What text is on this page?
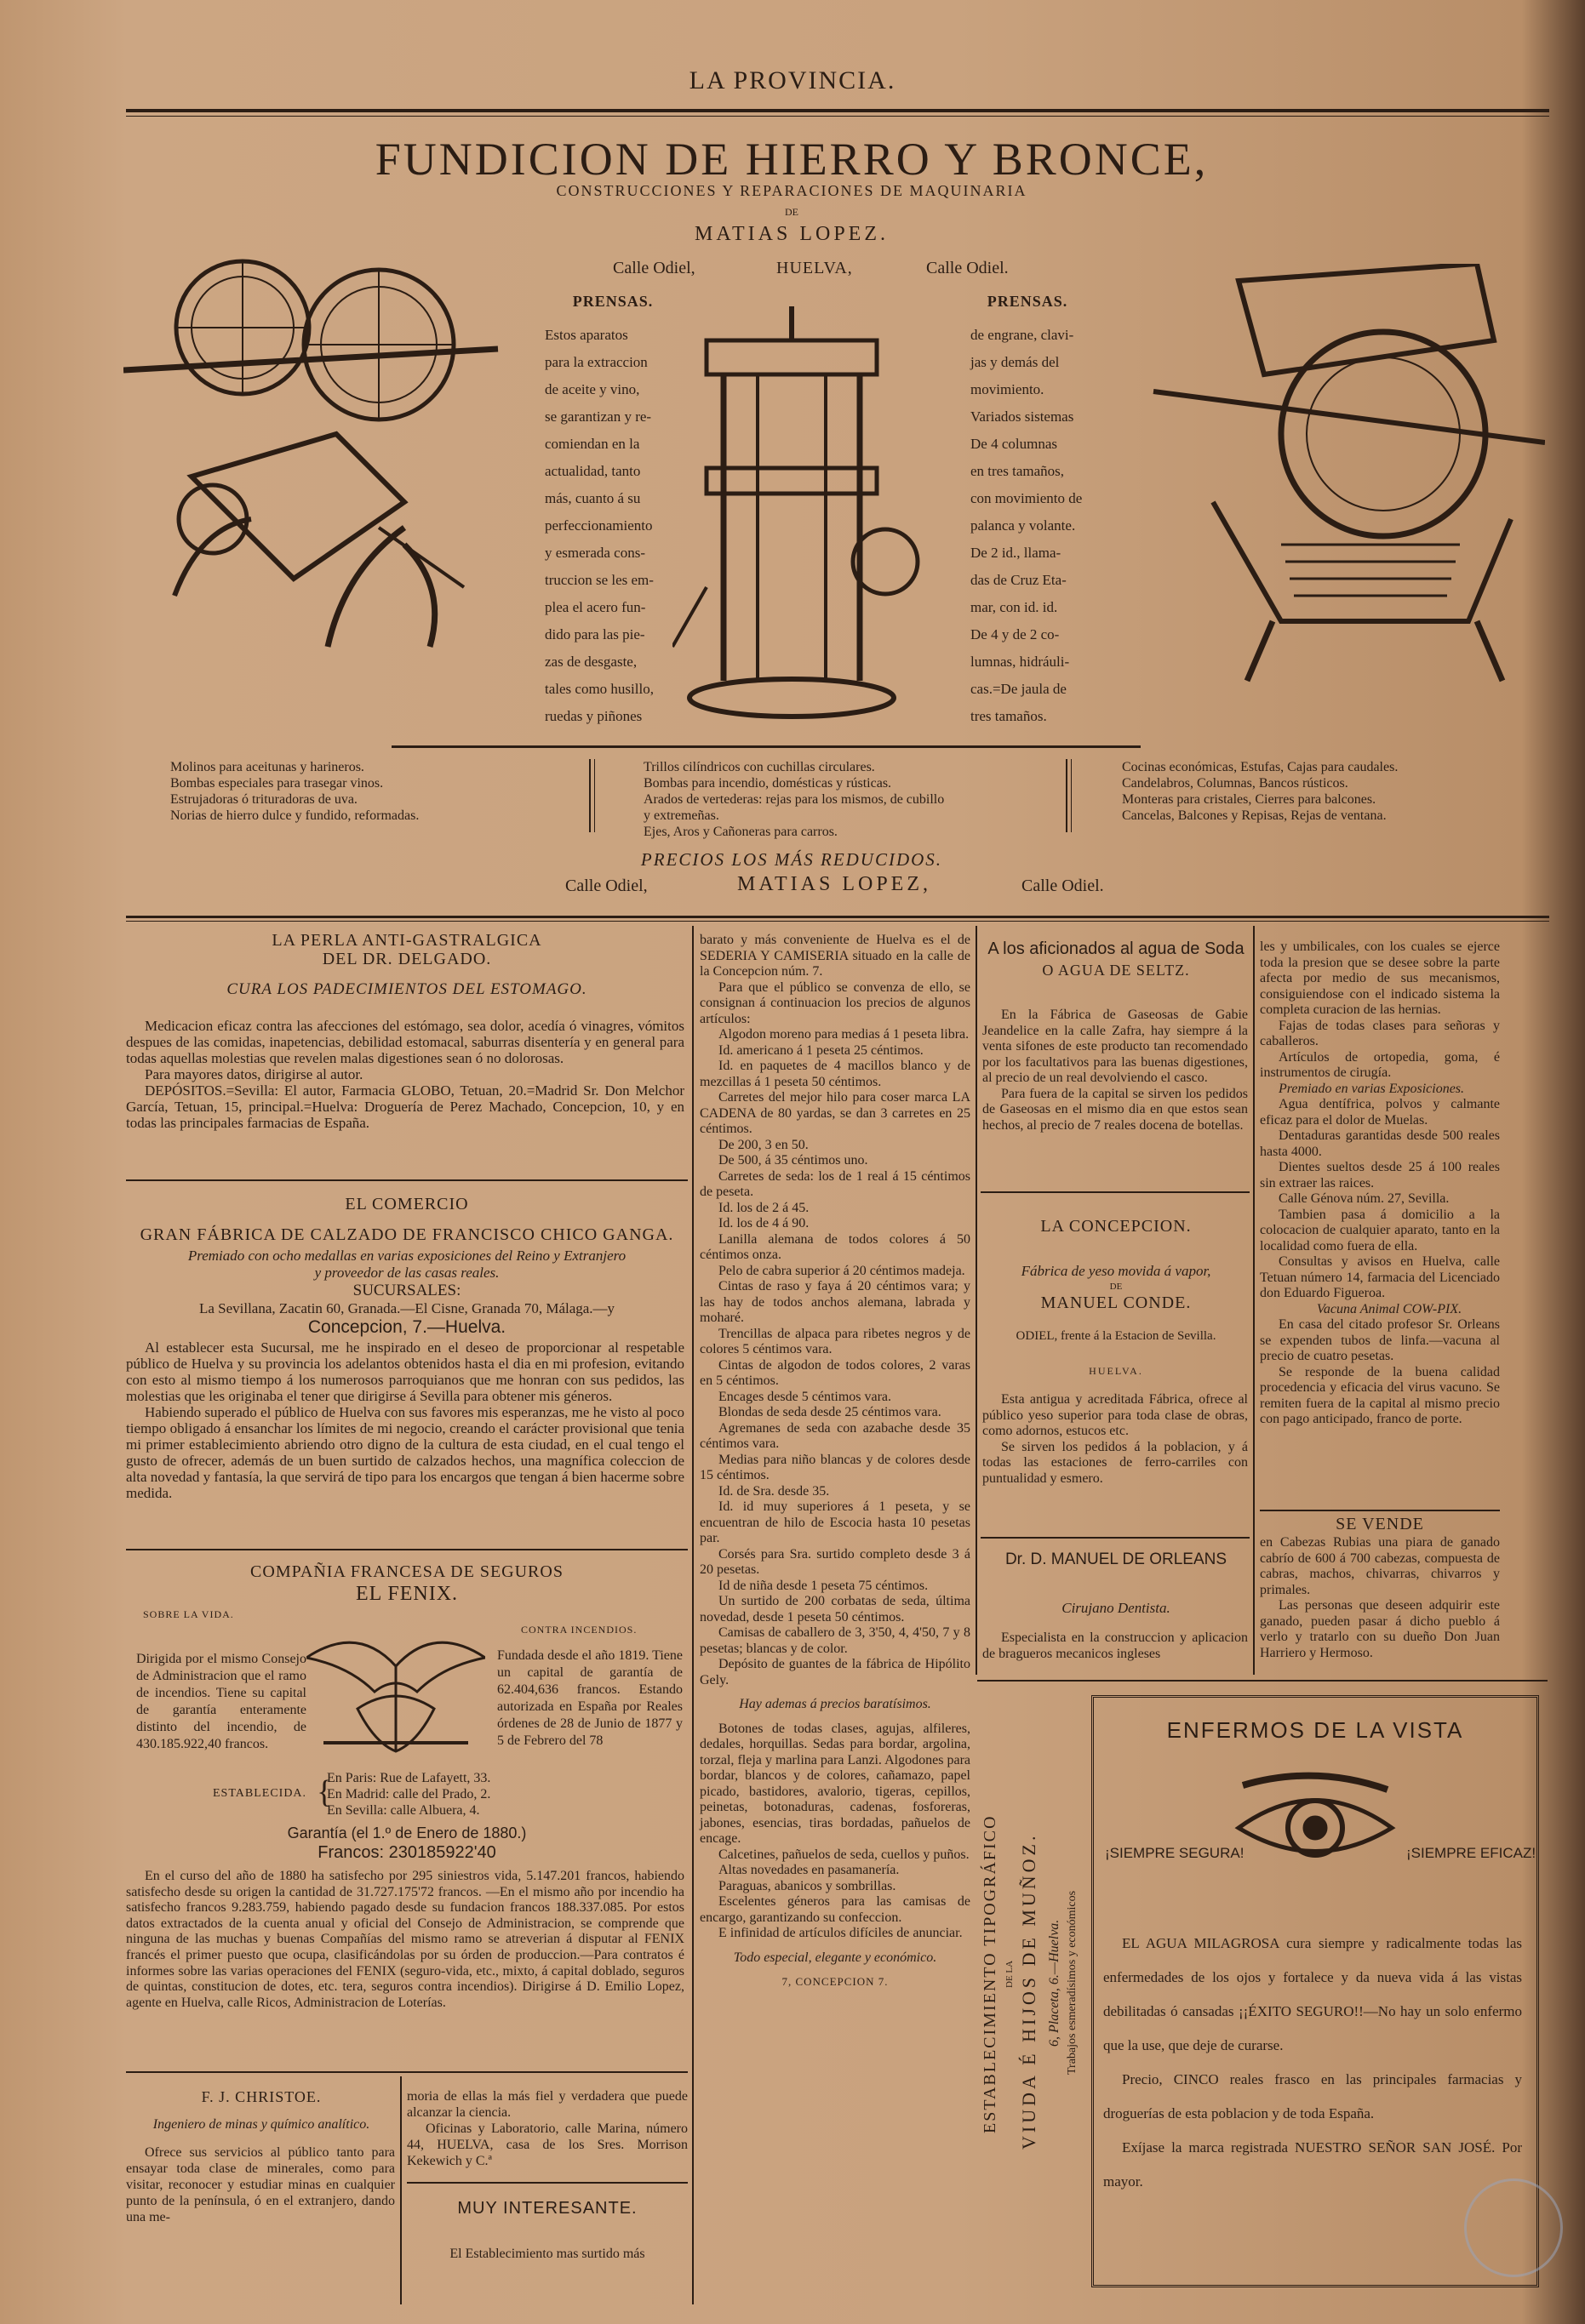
LA PROVINCIA.
FUNDICION DE HIERRO Y BRONCE,
CONSTRUCCIONES Y REPARACIONES DE MAQUINARIA
DE
MATIAS LOPEZ.
Calle Odiel,	HUELVA,	Calle Odiel.
PRENSAS.
Estos aparatos
para la extraccion
de aceite y vino,
se garantizan y re-
comiendan en la
actualidad, tanto
más, cuanto á su
perfeccionamiento
y esmerada cons-
truccion se les em-
plea el acero fun-
dido para las pie-
zas de desgaste,
tales como husillo,
ruedas y piñones
PRENSAS.
de engrane, clavi-
jas y demás del
movimiento.
Variados sistemas
De 4 columnas
en tres tamaños,
con movimiento de
palanca y volante.
De 2 id., llama-
das de Cruz Eta-
mar, con id. id.
De 4 y de 2 co-
lumnas, hidráuli-
cas.=De jaula de
tres tamaños.
Molinos para aceitunas y harineros.
Bombas especiales para trasegar vinos.
Estrujadoras ó trituradoras de uva.
Norias de hierro dulce y fundido, reformadas.
Trillos cilíndricos con cuchillas circulares.
Bombas para incendio, domésticas y rústicas.
Arados de vertederas: rejas para los mismos, de cubillo
y extremeñas.
Ejes, Aros y Cañoneras para carros.
Cocinas económicas, Estufas, Cajas para caudales.
Candelabros, Columnas, Bancos rústicos.
Monteras para cristales, Cierres para balcones.
Cancelas, Balcones y Repisas, Rejas de ventana.
PRECIOS LOS MÁS REDUCIDOS.
Calle Odiel,	MATIAS LOPEZ,	Calle Odiel.
LA PERLA ANTI-GASTRALGICA
DEL DR. DELGADO.
CURA LOS PADECIMIENTOS DEL ESTOMAGO.

Medicacion eficaz contra las afecciones del estómago, sea dolor, acedía ó vinagres, vómitos despues de las comidas, inapetencias, debilidad estomacal, saburras disentería y en general para todas aquellas molestias que revelen malas digestiones sean ó no dolorosas.

Para mayores datos, dirigirse al autor.

DEPÓSITOS.=Sevilla: El autor, Farmacia GLOBO, Tetuan, 20.=Madrid Sr. Don Melchor García, Tetuan, 15, principal.=Huelva: Droguería de Perez Machado, Concepcion, 10, y en todas las principales farmacias de España.

EL COMERCIO
GRAN FÁBRICA DE CALZADO DE FRANCISCO CHICO GANGA.
Premiado con ocho medallas en varias exposiciones del Reino y Extranjero
y proveedor de las casas reales.
SUCURSALES:
La Sevillana, Zacatin 60, Granada.—El Cisne, Granada 70, Málaga.—y
Concepcion, 7.—Huelva.

Al establecer esta Sucursal, me he inspirado en el deseo de proporcionar al respetable público de Huelva y su provincia los adelantos obtenidos hasta el dia en mi profesion, evitando con esto al mismo tiempo á los numerosos parroquianos que me honran con sus pedidos, las molestias que les originaba el tener que dirigirse á Sevilla para obtener mis géneros.

Habiendo superado el público de Huelva con sus favores mis esperanzas, me he visto al poco tiempo obligado á ensanchar los límites de mi negocio, creando el carácter provisional que tenia mi primer establecimiento abriendo otro digno de la cultura de esta ciudad, en el cual tengo el gusto de ofrecer, además de un buen surtido de calzados hechos, una magnífica coleccion de alta novedad y fantasía, la que servirá de tipo para los encargos que tengan á bien hacerme sobre medida.

COMPAÑIA FRANCESA DE SEGUROS
EL FENIX.
SOBRE LA VIDA.
CONTRA INCENDIOS.

Dirigida por el mismo Consejo de Administracion que el ramo de incendios. Tiene su capital de garantía enteramente distinto del incendio, de 430.185.922,40 francos.

Fundada desde el año 1819. Tiene un capital de garantía de 62.404,636 francos. Estando autorizada en España por Reales órdenes de 28 de Junio de 1877 y 5 de Febrero del 78

ESTABLECIDA. {
En Paris: Rue de Lafayett, 33.
En Madrid: calle del Prado, 2.
En Sevilla: calle Albuera, 4.
Garantía (el 1.º de Enero de 1880.)
Francos: 230185922'40

En el curso del año de 1880 ha satisfecho por 295 siniestros vida, 5.147.201 francos, habiendo satisfecho desde su origen la cantidad de 31.727.175'72 francos. —En el mismo año por incendio ha satisfecho francos 9.283.759, habiendo pagado desde su fundacion francos 188.337.085. Por estos datos extractados de la cuenta anual y oficial del Consejo de Administracion, se comprende que ninguna de las muchas y buenas Compañías del mismo ramo se atreverian á disputar al FENIX francés el primer puesto que ocupa, clasificándolas por su órden de produccion.—Para contratos é informes sobre las varias operaciones del FENIX (seguro-vida, etc., mixto, á capital doblado, seguros de quintas, constitucion de dotes, etc. tera, seguros contra incendios). Dirigirse á D. Emilio Lopez, agente en Huelva, calle Ricos, Administracion de Loterías.

F. J. CHRISTOE.
Ingeniero de minas y químico analítico.

Ofrece sus servicios al público tanto para ensayar toda clase de minerales, como para visitar, reconocer y estudiar minas en cualquier punto de la península, ó en el extranjero, dando una me-

moria de ellas la más fiel y verdadera que puede alcanzar la ciencia.

Oficinas y Laboratorio, calle Marina, número 44, HUELVA, casa de los Sres. Morrison Kekewich y C.ª

MUY INTERESANTE.
El Establecimiento mas surtido más

barato y más conveniente de Huelva es el de SEDERIA Y CAMISERIA situado en la calle de la Concepcion núm. 7.

Para que el público se convenza de ello, se consignan á continuacion los precios de algunos artículos:

Algodon moreno para medias á 1 peseta libra.

Id. americano á 1 peseta 25 céntimos.

Id. en paquetes de 4 macillos blanco y de mezcillas á 1 peseta 50 céntimos.

Carretes del mejor hilo para coser marca LA CADENA de 80 yardas, se dan 3 carretes en 25 céntimos.

De 200, 3 en 50.

De 500, á 35 céntimos uno.

Carretes de seda: los de 1 real á 15 céntimos de peseta.

Id. los de 2 á 45.

Id. los de 4 á 90.

Lanilla alemana de todos colores á 50 céntimos onza.

Pelo de cabra superior á 20 céntimos madeja.

Cintas de raso y faya á 20 céntimos vara; y las hay de todos anchos alemana, labrada y moharé.

Trencillas de alpaca para ribetes negros y de colores 5 céntimos vara.

Cintas de algodon de todos colores, 2 varas en 5 céntimos.

Encages desde 5 céntimos vara.

Blondas de seda desde 25 céntimos vara.

Agremanes de seda con azabache desde 35 céntimos vara.

Medias para niño blancas y de colores desde 15 céntimos.

Id. de Sra. desde 35.

Id. id muy superiores á 1 peseta, y se encuentran de hilo de Escocia hasta 10 pesetas par.

Corsés para Sra. surtido completo desde 3 á 20 pesetas.

Id de niña desde 1 peseta 75 céntimos.

Un surtido de 200 corbatas de seda, última novedad, desde 1 peseta 50 céntimos.

Camisas de caballero de 3, 3'50, 4, 4'50, 7 y 8 pesetas; blancas y de color.

Depósito de guantes de la fábrica de Hipólito Gely.

Hay ademas á precios baratísimos.

Botones de todas clases, agujas, alfileres, dedales, horquillas. Sedas para bordar, argolina, torzal, fleja y marlina para Lanzi. Algodones para bordar, blancos y de colores, cañamazo, papel picado, bastidores, avalorio, tigeras, cepillos, peinetas, botonaduras, cadenas, fosforeras, jabones, esencias, tiras bordadas, pañuelos de encage.

Calcetines, pañuelos de seda, cuellos y puños.

Altas novedades en pasamanería.

Paraguas, abanicos y sombrillas.

Escelentes géneros para las camisas de encargo, garantizando su confeccion.

E infinidad de artículos difíciles de anunciar.

Todo especial, elegante y económico.

7, CONCEPCION 7.

A los aficionados al agua de Soda
O AGUA DE SELTZ.

En la Fábrica de Gaseosas de Gabie Jeandelice en la calle Zafra, hay siempre á la venta sifones de este producto tan recomendado por los facultativos para las buenas digestiones, al precio de un real devolviendo el casco.

Para fuera de la capital se sirven los pedidos de Gaseosas en el mismo dia en que estos sean hechos, al precio de 7 reales docena de botellas.

LA CONCEPCION.
Fábrica de yeso movida á vapor,
DE
MANUEL CONDE.
ODIEL, frente á la Estacion de Sevilla.
HUELVA.

Esta antigua y acreditada Fábrica, ofrece al público yeso superior para toda clase de obras, como adornos, estucos etc.

Se sirven los pedidos á la poblacion, y á todas las estaciones de ferro-carriles con puntualidad y esmero.

Dr. D. MANUEL DE ORLEANS
Cirujano Dentista.

Especialista en la construccion y aplicacion de bragueros mecanicos ingleses

les y umbilicales, con los cuales se ejerce toda la presion que se desee sobre la parte afecta por medio de sus mecanismos, consiguiendose con el indicado sistema la completa curacion de las hernias.

Fajas de todas clases para señoras y caballeros.

Artículos de ortopedia, goma, é instrumentos de cirugía.

Premiado en varias Exposiciones.

Agua dentífrica, polvos y calmante eficaz para el dolor de Muelas.

Dentaduras garantidas desde 500 reales hasta 4000.

Dientes sueltos desde 25 á 100 reales sin extraer las raices.

Calle Génova núm. 27, Sevilla.

Tambien pasa á domicilio a la colocacion de cualquier aparato, tanto en la localidad como fuera de ella.

Consultas y avisos en Huelva, calle Tetuan número 14, farmacia del Licenciado don Eduardo Figueroa.

Vacuna Animal COW-PIX.

En casa del citado profesor Sr. Orleans se expenden tubos de linfa.—vacuna al precio de cuatro pesetas.

Se responde de la buena calidad procedencia y eficacia del virus vacuno. Se remiten fuera de la capital al mismo precio con pago anticipado, franco de porte.

SE VENDE

en Cabezas Rubias una piara de ganado cabrío de 600 á 700 cabezas, compuesta de cabras, machos, chivarras, chivarros y primales.

Las personas que deseen adquirir este ganado, pueden pasar á dicho pueblo á verlo y tratarlo con su dueño Don Juan Harriero y Hermoso.

ESTABLECIMIENTO TIPOGRÁFICO DE LA VIUDA É HIJOS DE MUÑOZ. 6, Placeta, 6.—Huelva. Trabajos esmeradísimos y económicos
ENFERMOS DE LA VISTA
¡SIEMPRE SEGURA!	¡SIEMPRE EFICAZ!

EL AGUA MILAGROSA cura siempre y radicalmente todas las enfermedades de los ojos y fortalece y da nueva vida á las vistas debilitadas ó cansadas ¡¡ÉXITO SEGURO!!—No hay un solo enfermo que la use, que deje de curarse.

Precio, CINCO reales frasco en las principales farmacias y droguerías de esta poblacion y de toda España.

Exíjase la marca registrada NUESTRO SEÑOR SAN JOSÉ. Por mayor.
